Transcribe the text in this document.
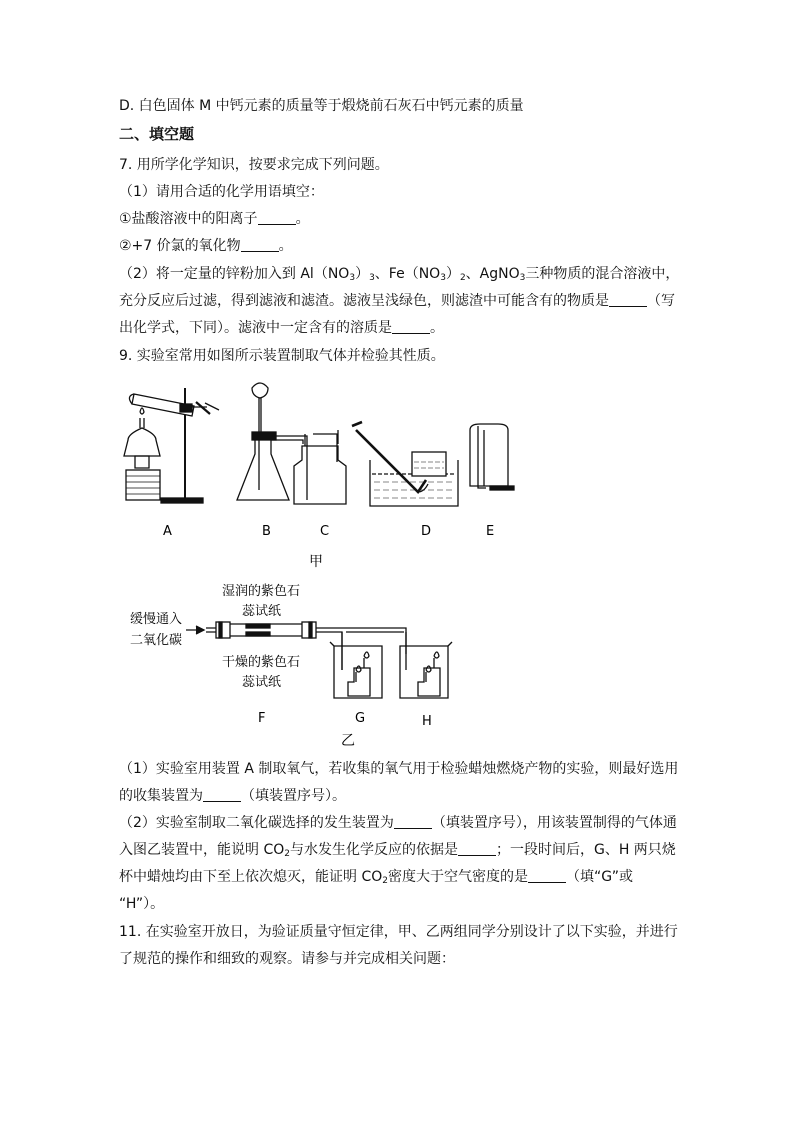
D. 白色固体 M 中钙元素的质量等于煅烧前石灰石中钙元素的质量
二、填空题
7. 用所学化学知识，按要求完成下列问题。
（1）请用合适的化学用语填空：
①盐酸溶液中的阳离子	。
②+7 价氯的氧化物	。
（2）将一定量的锌粉加入到 $Al(NO_3)_3$、$Fe(NO_3)_2$、AgNO$_3$三种物质的混合溶液中，
充分反应后过滤，得到滤液和滤渣。滤液呈浅绿色，则滤渣中可能含有的物质是	（写
出化学式，下同）。滤液中一定含有的溶质是	。
9. 实验室常用如图所示装置制取气体并检验其性质。
A	B	C	D	E
甲
缓慢通入
二氧化碳
湿润的紫色石
蕊试纸
干燥的紫色石
蕊试纸
F	G	H
乙
（1）实验室用装置 A 制取氧气，若收集的氧气用于检验蜡烛燃烧产物的实验，则最好选用
的收集装置为	（填装置序号）。
（2）实验室制取二氧化碳选择的发生装置为	（填装置序号），用该装置制得的气体通
入图乙装置中，能说明 $CO_2$与水发生化学反应的依据是	；一段时间后，G、H 两只烧
杯中蜡烛均由下至上依次熄灭，能证明 $CO_2$密度大于空气密度的是	（填“G”或
“H”）。
11. 在实验室开放日，为验证质量守恒定律，甲、乙两组同学分别设计了以下实验，并进行
了规范的操作和细致的观察。请参与并完成相关问题：
